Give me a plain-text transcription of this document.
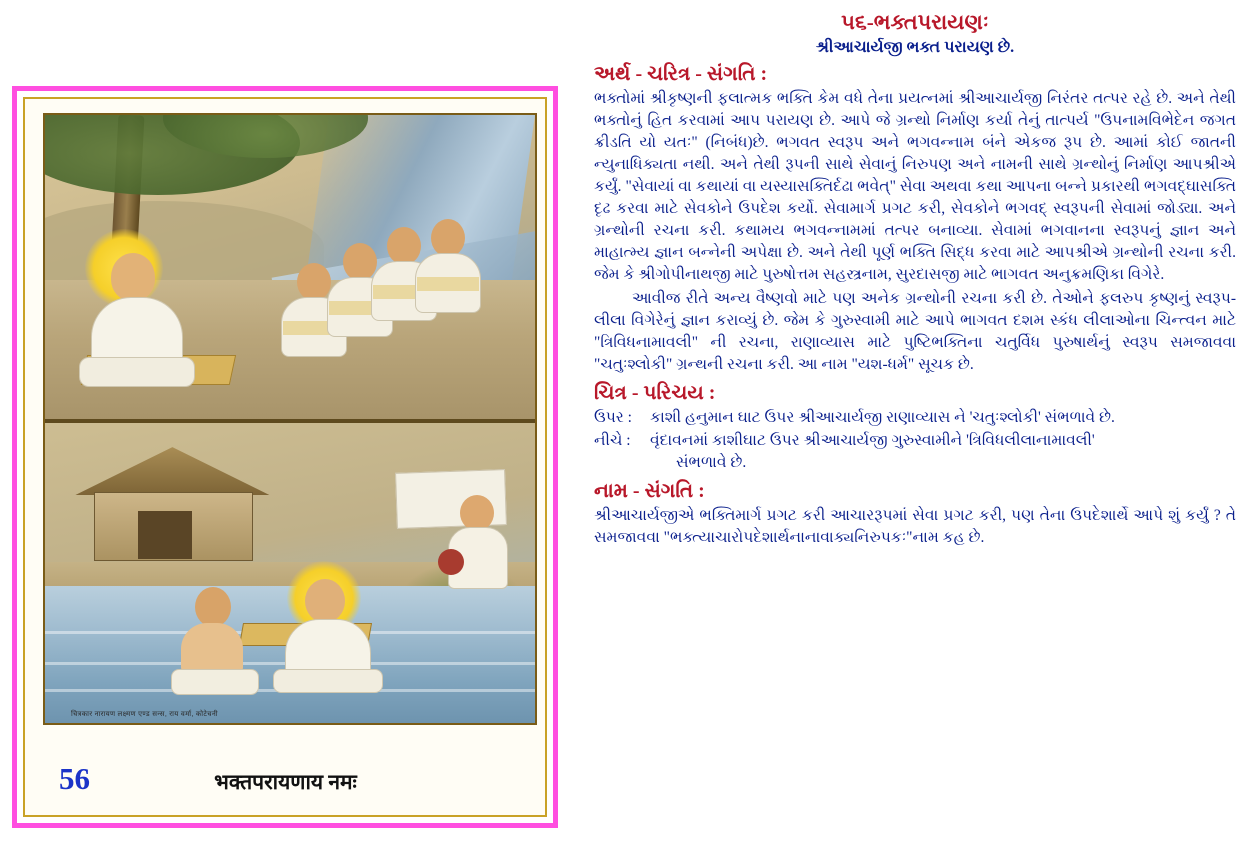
चित्रकार नारायण लक्ष्मण एण्ड सन्स, राय वर्मा, कोटेचनी
56	भक्तपरायणाय नमः
૫૬-ભક્તપરાયણઃ
શ્રીઆચાર્યજી ભક્ત પરાયણ છે.
અર્થ - ચરિત્ર - સંગતિ :

ભક્તોમાં શ્રીકૃષ્ણની ફલાત્મક ભક્તિ કેમ વધે તેના પ્રયત્નમાં શ્રીઆચાર્યજી નિરંતર તત્પર રહે છે. અને તેથી ભક્તોનું હિત કરવામાં આપ પરાયણ છે. આપે જે ગ્રન્થો નિર્માણ કર્યા તેનું તાત્પર્ય "ઉપનામવિભેદેન જગત ક્રીડતિ યો યતઃ" (નિબંધ)છે. ભગવત સ્વરૂપ અને ભગવન્નામ બંને એકજ રૂપ છે. આમાં કોઈ જાતની ન્યુનાધિક્યતા નથી. અને તેથી રૂપની સાથે સેવાનું નિરુપણ અને નામની સાથે ગ્રન્થોનું નિર્માણ આપશ્રીએ કર્યું. "સેવાયાં વા કથાયાં વા યસ્યાસક્તિર્દઢા ભવેત્" સેવા અથવા કથા આપના બન્ને પ્રકારથી ભગવદ્ઘાસક્તિ દૃઢ કરવા માટે સેવકોને ઉપદેશ કર્યો. સેવામાર્ગ પ્રગટ કરી, સેવકોને ભગવદ્ સ્વરૂપની સેવામાં જોડ્યા. અને ગ્રન્થોની રચના કરી. કથામય ભગવન્નામમાં તત્પર બનાવ્યા. સેવામાં ભગવાનના સ્વરૂપનું જ્ઞાન અને માહાત્મ્ય જ્ઞાન બન્નેની અપેક્ષા છે. અને તેથી પૂર્ણ ભક્તિ સિદ્ધ કરવા માટે આપશ્રીએ ગ્રન્થોની રચના કરી. જેમ કે શ્રીગોપીનાથજી માટે પુરુષોત્તમ સહસ્ત્રનામ, સુરદાસજી માટે ભાગવત અનુક્રમણિકા વિગેરે.

આવીજ રીતે અન્ય વૈષ્ણવો માટે પણ અનેક ગ્રન્થોની રચના કરી છે. તેઓને ફલરુપ કૃષ્ણનું સ્વરૂપ-લીલા વિગેરેનું જ્ઞાન કરાવ્યું છે. જેમ કે ગુરુસ્વામી માટે આપે ભાગવત દશમ સ્કંધ લીલાઓના ચિન્ત્વન માટે "ત્રિવિધનામાવલી" ની રચના, રાણાવ્યાસ માટે પુષ્ટિભક્તિના ચતુર્વિધ પુરુષાર્થનું સ્વરૂપ સમજાવવા "ચતુઃશ્લોકી" ગ્રન્થની રચના કરી. આ નામ "યશ-ધર્મ" સૂચક છે.

ચિત્ર - પરિચય :
ઉપર :	કાશી હનુમાન ઘાટ ઉપર શ્રીઆચાર્યજી રાણાવ્યાસ ને 'ચતુઃશ્લોકી' સંભળાવે છે.
નીચે :	વૃંદાવનમાં કાશીઘાટ ઉપર શ્રીઆચાર્યજી ગુરુસ્વામીને 'ત્રિવિધલીલાનામાવલી'
સંભળાવે છે.
નામ - સંગતિ :

શ્રીઆચાર્યજીએ ભક્તિમાર્ગ પ્રગટ કરી આચારરૂપમાં સેવા પ્રગટ કરી, પણ તેના ઉપદેશાર્થે આપે શું કર્યું ? તે સમજાવવા "ભક્ત્યાચારોપદેશાર્થનાનાવાક્યનિરુપકઃ"નામ કહ છે.
